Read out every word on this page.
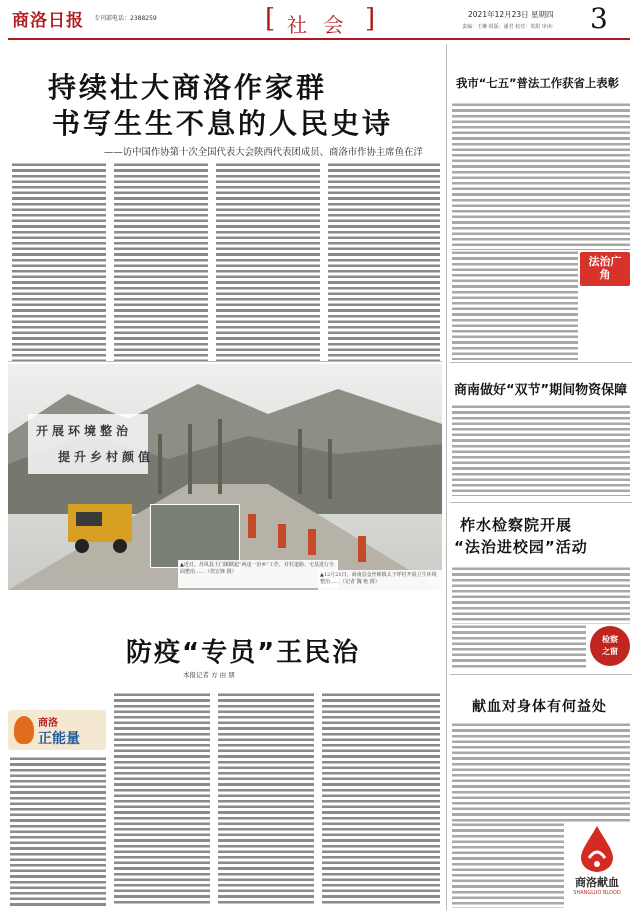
商洛日报 专刊部电话：2388259	[ 社 会 ]	2021年12月23日 星期四
责编：王琳 组版：潘君 校对：贺甜 审读： 3
持续壮大商洛作家群
书写生生不息的人民史诗
——访中国作协第十次全国代表大会陕西代表团成员、商洛市作协主席鱼在洋
开展环境整治
提升乡村颜值
▲近日，丹凤县土门镇掀起“两违一治乡”工作，对村道路、宅基进行全面整治……（侯宏锋 摄）
▲12月21日，商南县金丝峡镇太子坪村开展卫生环境整治……（记者 魏 艳 摄）
防疫“专员”王民治
本报记者 方 由 朋
商洛
正能量
我市“七五”普法工作获省上表彰
法治广角
商南做好“双节”期间物资保障
柞水检察院开展
“法治进校园”活动
检察
之窗
献血对身体有何益处
商洛献血
SHANGLUO BLOOD
